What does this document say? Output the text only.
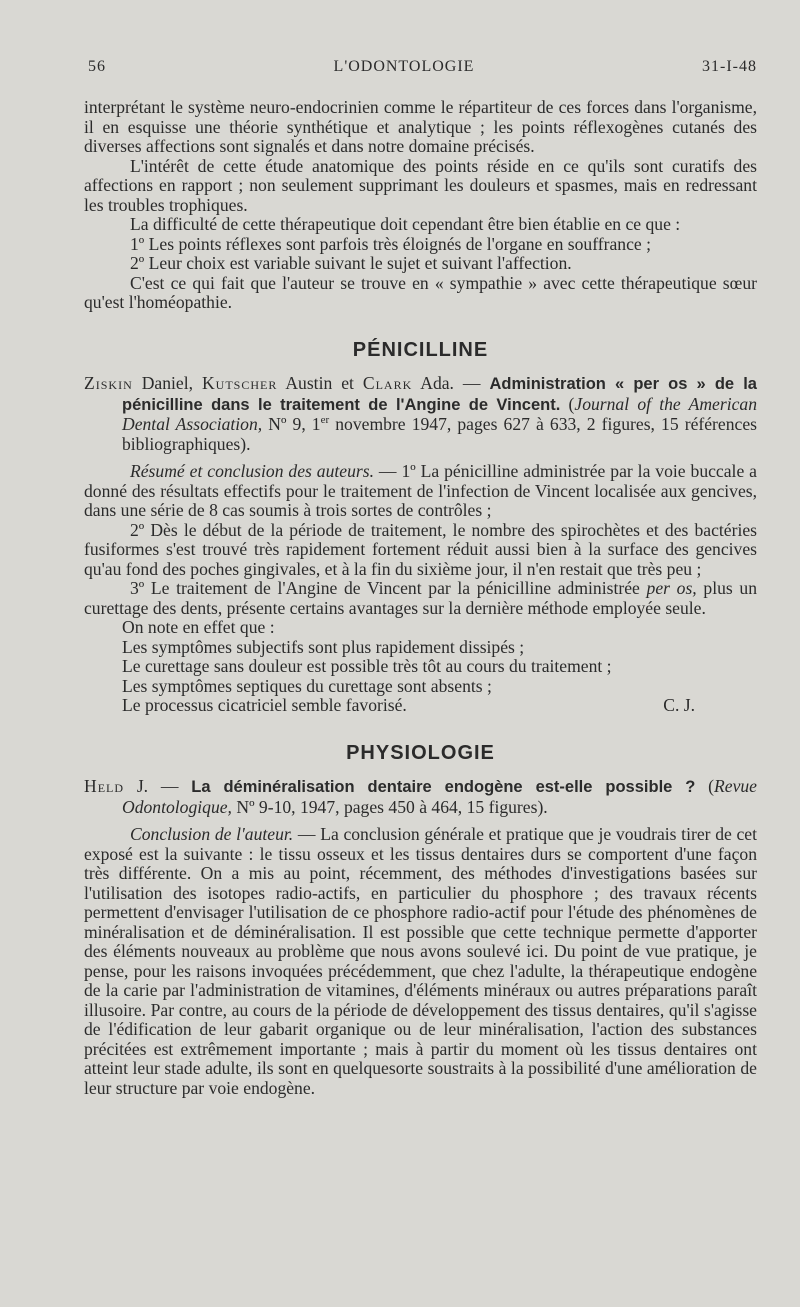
56	L'ODONTOLOGIE	31-I-48

interprétant le système neuro-endocrinien comme le répartiteur de ces forces dans l'organisme, il en esquisse une théorie synthétique et analytique ; les points réflexogènes cutanés des diverses affections sont signalés et dans notre domaine précisés.

L'intérêt de cette étude anatomique des points réside en ce qu'ils sont curatifs des affections en rapport ; non seulement supprimant les douleurs et spasmes, mais en redressant les troubles trophiques.

La difficulté de cette thérapeutique doit cependant être bien établie en ce que :

1º Les points réflexes sont parfois très éloignés de l'organe en souffrance ;

2º Leur choix est variable suivant le sujet et suivant l'affection.

C'est ce qui fait que l'auteur se trouve en « sympathie » avec cette thérapeutique sœur qu'est l'homéopathie.

PÉNICILLINE

Ziskin Daniel, Kutscher Austin et Clark Ada. — Administration « per os » de la pénicilline dans le traitement de l'Angine de Vincent. (Journal of the American Dental Association, Nº 9, 1er novembre 1947, pages 627 à 633, 2 figures, 15 références bibliographiques).

Résumé et conclusion des auteurs. — 1º La pénicilline administrée par la voie buccale a donné des résultats effectifs pour le traitement de l'infection de Vincent localisée aux gencives, dans une série de 8 cas soumis à trois sortes de contrôles ;

2º Dès le début de la période de traitement, le nombre des spirochètes et des bactéries fusiformes s'est trouvé très rapidement fortement réduit aussi bien à la surface des gencives qu'au fond des poches gingivales, et à la fin du sixième jour, il n'en restait que très peu ;

3º Le traitement de l'Angine de Vincent par la pénicilline administrée per os, plus un curettage des dents, présente certains avantages sur la dernière méthode employée seule.

On note en effet que :

Les symptômes subjectifs sont plus rapidement dissipés ;

Le curettage sans douleur est possible très tôt au cours du traitement ;

Les symptômes septiques du curettage sont absents ;

Le processus cicatriciel semble favorisé.	C. J.
PHYSIOLOGIE

Held J. — La déminéralisation dentaire endogène est-elle possible ? (Revue Odontologique, Nº 9-10, 1947, pages 450 à 464, 15 figures).

Conclusion de l'auteur. — La conclusion générale et pratique que je voudrais tirer de cet exposé est la suivante : le tissu osseux et les tissus dentaires durs se comportent d'une façon très différente. On a mis au point, récemment, des méthodes d'investigations basées sur l'utilisation des isotopes radio-actifs, en particulier du phosphore ; des travaux récents permettent d'envisager l'utilisation de ce phosphore radio-actif pour l'étude des phénomènes de minéralisation et de déminéralisation. Il est possible que cette technique permette d'apporter des éléments nouveaux au problème que nous avons soulevé ici. Du point de vue pratique, je pense, pour les raisons invoquées précédemment, que chez l'adulte, la thérapeutique endogène de la carie par l'administration de vitamines, d'éléments minéraux ou autres préparations paraît illusoire. Par contre, au cours de la période de développement des tissus dentaires, qu'il s'agisse de l'édification de leur gabarit organique ou de leur minéralisation, l'action des substances précitées est extrêmement importante ; mais à partir du moment où les tissus dentaires ont atteint leur stade adulte, ils sont en quelquesorte soustraits à la possibilité d'une amélioration de leur structure par voie endogène.
